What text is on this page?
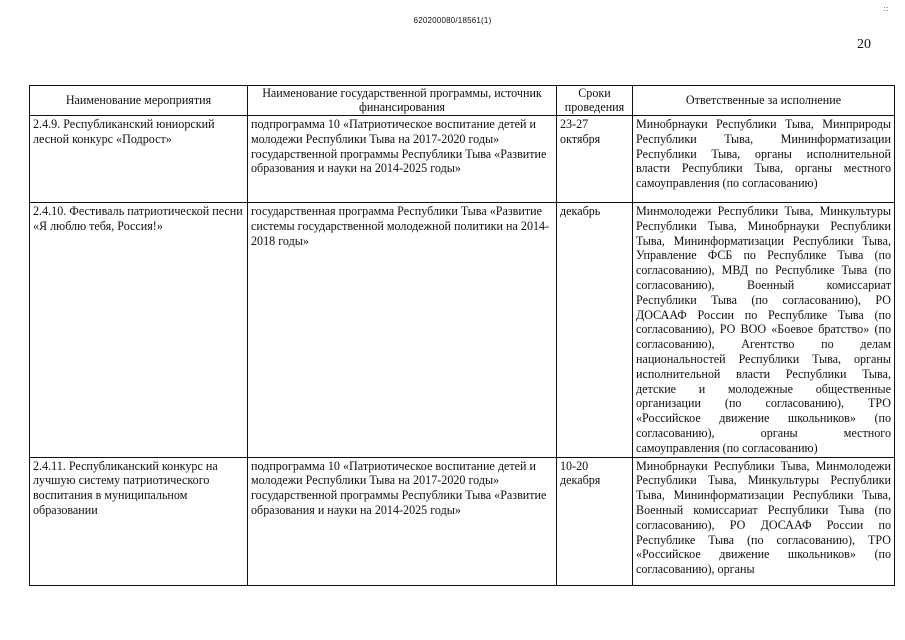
620200080/18561(1)
::
20
Наименование мероприятия	Наименование государственной программы, источник финансирования	Сроки проведения	Ответственные за исполнение
2.4.9. Республиканский юниорский лесной конкурс «Подрост»	подпрограмма 10 «Патриотическое воспитание детей и молодежи Республики Тыва на 2017-2020 годы» государственной программы Республики Тыва «Развитие образования и науки на 2014-2025 годы»	23-27 октября	Минобрнауки Республики Тыва, Минприроды Республики Тыва, Мининформатизации Республики Тыва, органы исполнительной власти Республики Тыва, органы местного самоуправления (по согласованию)
2.4.10. Фестиваль патриотической песни «Я люблю тебя, Россия!»	государственная программа Республики Тыва «Развитие системы государственной молодежной политики на 2014-2018 годы»	декабрь	Минмолодежи Республики Тыва, Минкультуры Республики Тыва, Минобрнауки Республики Тыва, Мининформатизации Республики Тыва, Управление ФСБ по Республике Тыва (по согласованию), МВД по Республике Тыва (по согласованию), Военный комиссариат Республики Тыва (по согласованию), РО ДОСААФ России по Республике Тыва (по согласованию), РО ВОО «Боевое братство» (по согласованию), Агентство по делам национальностей Республики Тыва, органы исполнительной власти Республики Тыва, детские и молодежные общественные организации (по согласованию), ТРО «Российское движение школьников» (по согласованию), органы местного самоуправления (по согласованию)
2.4.11. Республиканский конкурс на лучшую систему патриотического воспитания в муниципальном образовании	подпрограмма 10 «Патриотическое воспитание детей и молодежи Республики Тыва на 2017-2020 годы» государственной программы Республики Тыва «Развитие образования и науки на 2014-2025 годы»	10-20 декабря	Минобрнауки Республики Тыва, Минмолодежи Республики Тыва, Минкультуры Республики Тыва, Мининформатизации Республики Тыва, Военный комиссариат Республики Тыва (по согласованию), РО ДОСААФ России по Республике Тыва (по согласованию), ТРО «Российское движение школьников» (по согласованию), органы
